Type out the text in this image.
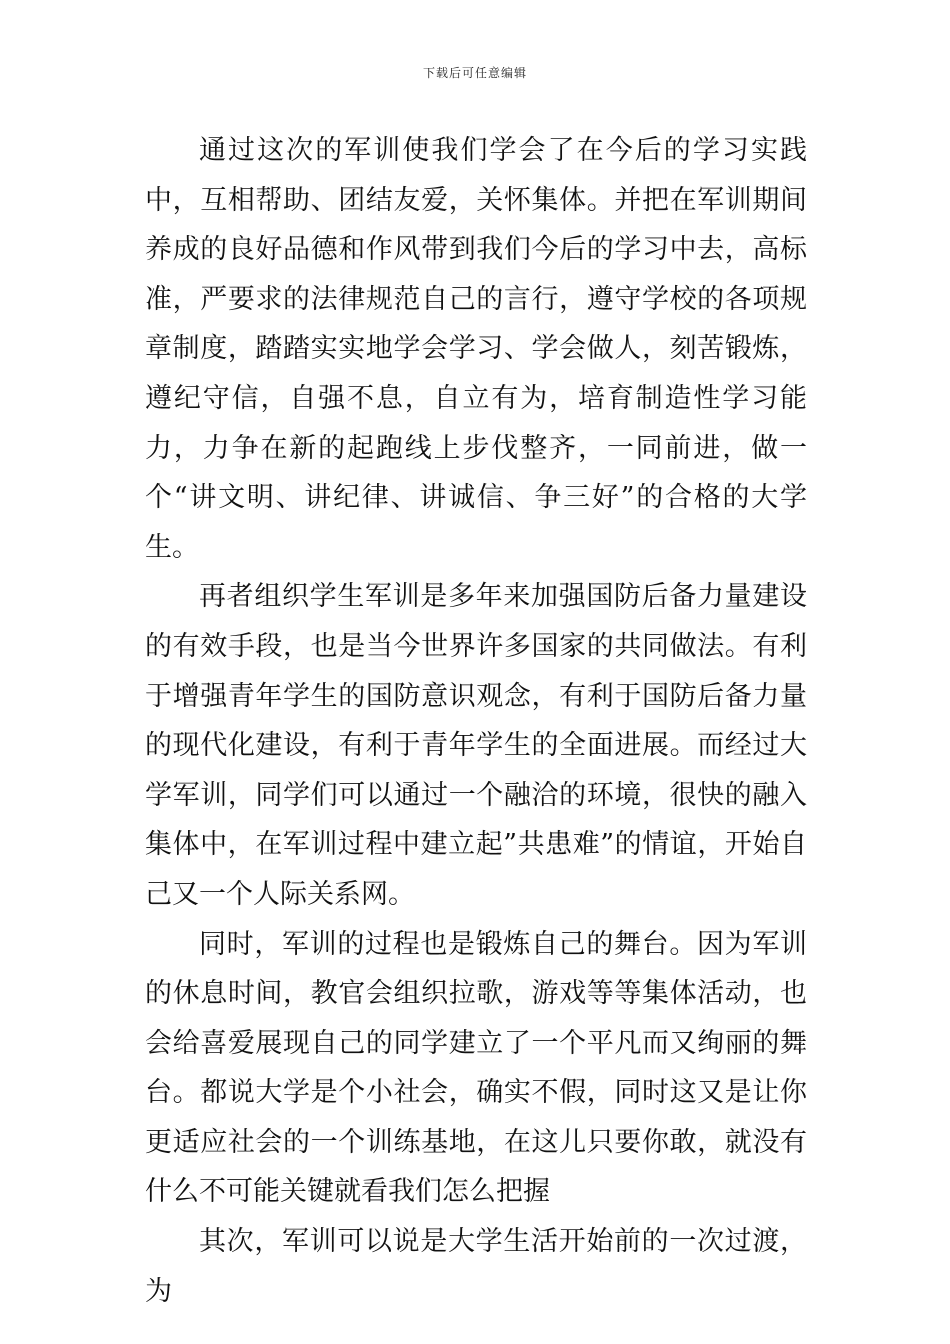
下载后可任意编辑

通过这次的军训使我们学会了在今后的学习实践中，互相帮助、团结友爱，关怀集体。并把在军训期间养成的良好品德和作风带到我们今后的学习中去，高标准，严要求的法律规范自己的言行，遵守学校的各项规章制度，踏踏实实地学会学习、学会做人，刻苦锻炼，遵纪守信，自强不息，自立有为，培育制造性学习能力，力争在新的起跑线上步伐整齐，一同前进，做一个“讲文明、讲纪律、讲诚信、争三好”的合格的大学生。

再者组织学生军训是多年来加强国防后备力量建设的有效手段，也是当今世界许多国家的共同做法。有利于增强青年学生的国防意识观念，有利于国防后备力量的现代化建设，有利于青年学生的全面进展。而经过大学军训，同学们可以通过一个融洽的环境，很快的融入集体中，在军训过程中建立起”共患难”的情谊，开始自己又一个人际关系网。

同时，军训的过程也是锻炼自己的舞台。因为军训的休息时间，教官会组织拉歌，游戏等等集体活动，也会给喜爱展现自己的同学建立了一个平凡而又绚丽的舞台。都说大学是个小社会，确实不假，同时这又是让你更适应社会的一个训练基地，在这儿只要你敢，就没有什么不可能关键就看我们怎么把握

其次，军训可以说是大学生活开始前的一次过渡，为
